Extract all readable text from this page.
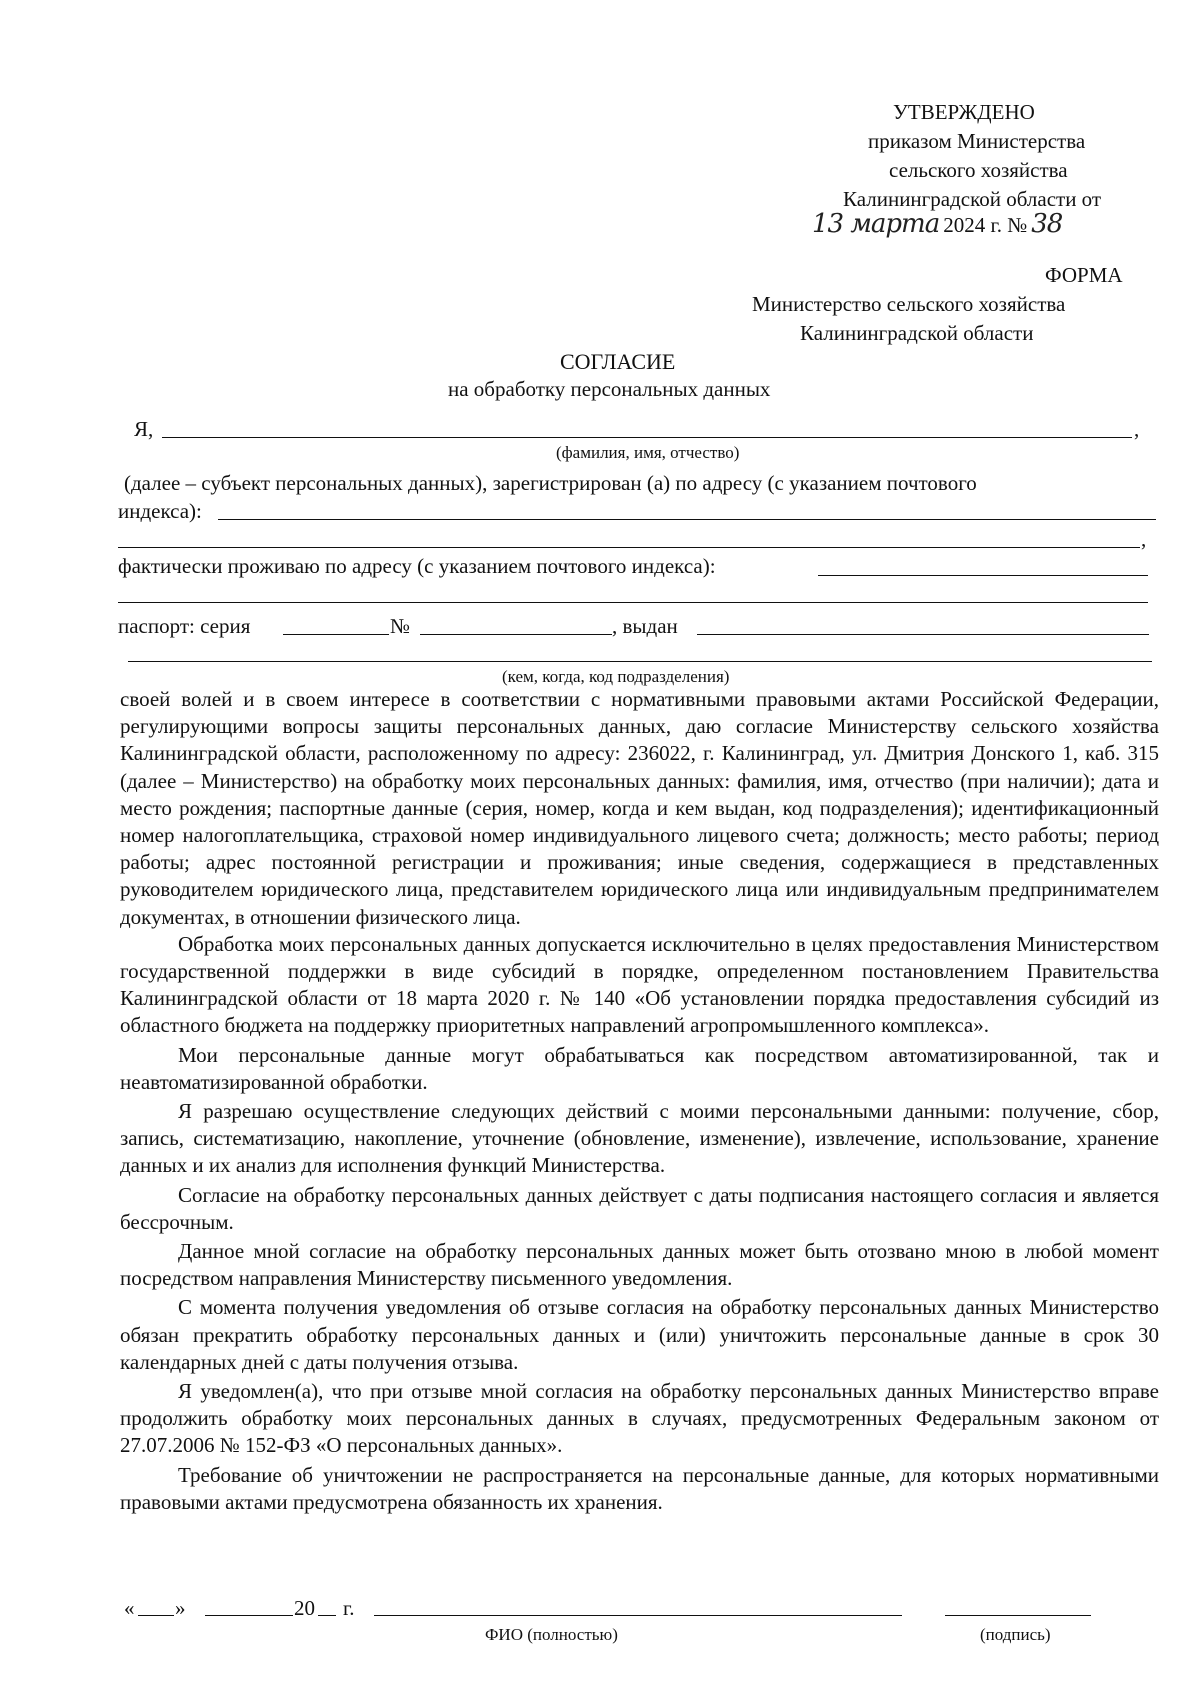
УТВЕРЖДЕНО
приказом Министерства
сельского хозяйства
Калининградской области от
13 марта 2024 г. № 38
ФОРМА
Министерство сельского хозяйства
Калининградской области
СОГЛАСИЕ
на обработку персональных данных
Я,	,
(фамилия, имя, отчество)
(далее – субъект персональных данных), зарегистрирован (а) по адресу (с указанием почтового
индекса):
,
фактически проживаю по адресу (с указанием почтового индекса):
паспорт: серия	№	, выдан
(кем, когда, код подразделения)

своей волей и в своем интересе в соответствии с нормативными правовыми актами Российской Федерации, регулирующими вопросы защиты персональных данных, даю согласие Министерству сельского хозяйства Калининградской области, расположенному по адресу: 236022, г. Калининград, ул. Дмитрия Донского 1, каб. 315 (далее – Министерство) на обработку моих персональных данных: фамилия, имя, отчество (при наличии); дата и место рождения; паспортные данные (серия, номер, когда и кем выдан, код подразделения); идентификационный номер налогоплательщика, страховой номер индивидуального лицевого счета; должность; место работы; период работы; адрес постоянной регистрации и проживания; иные сведения, содержащиеся в представленных руководителем юридического лица, представителем юридического лица или индивидуальным предпринимателем документах, в отношении физического лица.

Обработка моих персональных данных допускается исключительно в целях предоставления Министерством государственной поддержки в виде субсидий в порядке, определенном постановлением Правительства Калининградской области от 18 марта 2020 г. № 140 «Об установлении порядка предоставления субсидий из областного бюджета на поддержку приоритетных направлений агропромышленного комплекса».

Мои персональные данные могут обрабатываться как посредством автоматизированной, так и неавтоматизированной обработки.

Я разрешаю осуществление следующих действий с моими персональными данными: получение, сбор, запись, систематизацию, накопление, уточнение (обновление, изменение), извлечение, использование, хранение данных и их анализ для исполнения функций Министерства.

Согласие на обработку персональных данных действует с даты подписания настоящего согласия и является бессрочным.

Данное мной согласие на обработку персональных данных может быть отозвано мною в любой момент посредством направления Министерству письменного уведомления.

С момента получения уведомления об отзыве согласия на обработку персональных данных Министерство обязан прекратить обработку персональных данных и (или) уничтожить персональные данные в срок 30 календарных дней с даты получения отзыва.

Я уведомлен(а), что при отзыве мной согласия на обработку персональных данных Министерство вправе продолжить обработку моих персональных данных в случаях, предусмотренных Федеральным законом от 27.07.2006 № 152-ФЗ «О персональных данных».

Требование об уничтожении не распространяется на персональные данные, для которых нормативными правовыми актами предусмотрена обязанность их хранения.

« »	20 г.
ФИО (полностью)	(подпись)
